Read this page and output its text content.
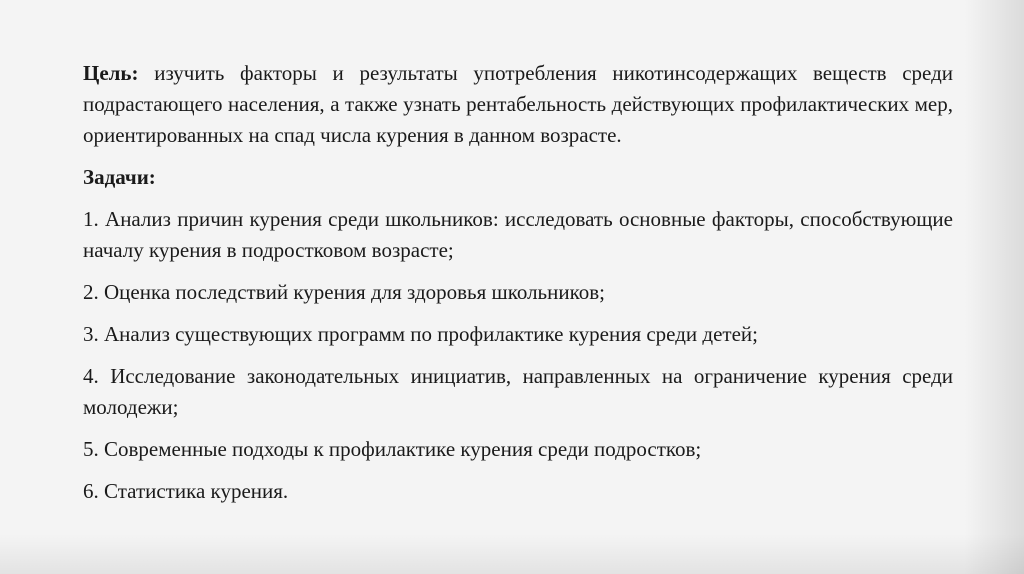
Цель: изучить факторы и результаты употребления никотинсодержащих веществ среди подрастающего населения, а также узнать рентабельность действующих профилактических мер, ориентированных на спад числа курения в данном возрасте.

Задачи:

1. Анализ причин курения среди школьников: исследовать основные факторы, способствующие началу курения в подростковом возрасте;

2. Оценка последствий курения для здоровья школьников;

3. Анализ существующих программ по профилактике курения среди детей;

4. Исследование законодательных инициатив, направленных на ограничение курения среди молодежи;

5. Современные подходы к профилактике курения среди подростков;

6. Статистика курения.
